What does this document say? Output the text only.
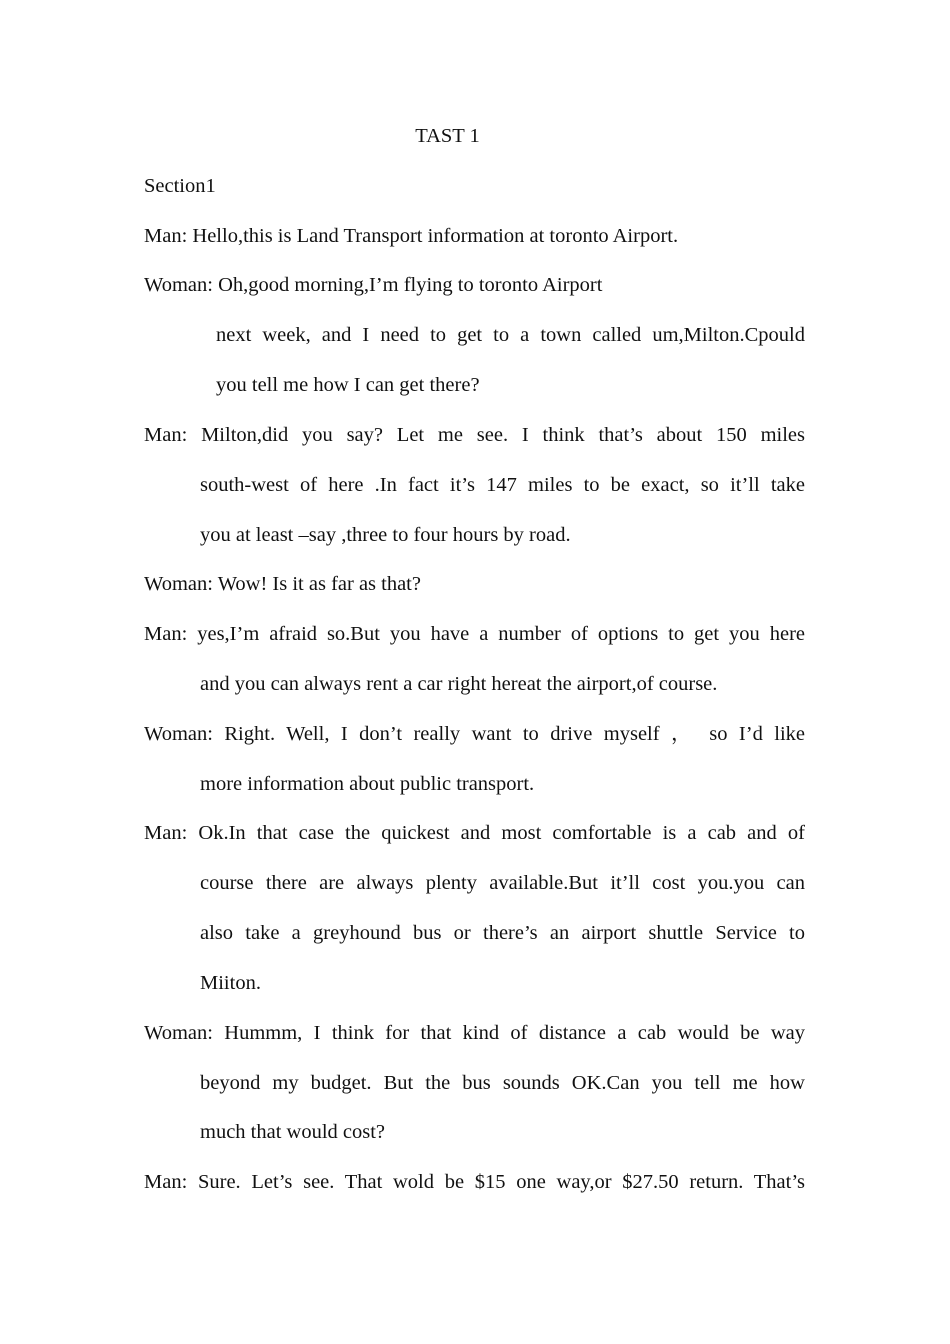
TAST 1
Section1
Man: Hello,this is Land Transport information at toronto Airport.
Woman: Oh,good morning,I’m flying to toronto Airport
next week, and I need to get to a town called um,Milton.Cpould
you tell me how I can get there?
Man: Milton,did you say? Let me see. I think that’s about 150 miles
south-west of here .In fact it’s 147 miles to be exact, so it’ll take
you at least –say ,three to four hours by road.
Woman: Wow! Is it as far as that?
Man: yes,I’m afraid so.But you have a number of options to get you here
and you can always rent a car right hereat the airport,of course.
Woman: Right. Well, I don’t really want to drive myself ， so I’d like
more information about public transport.
Man: Ok.In that case the quickest and most comfortable is a cab and of
course there are always plenty available.But it’ll cost you.you can
also take a greyhound bus or there’s an airport shuttle Service to
Miiton.
Woman: Hummm, I think for that kind of distance a cab would be way
beyond my budget. But the bus sounds OK.Can you tell me how
much that would cost?
Man: Sure. Let’s see. That wold be $15 one way,or $27.50 return. That’s
